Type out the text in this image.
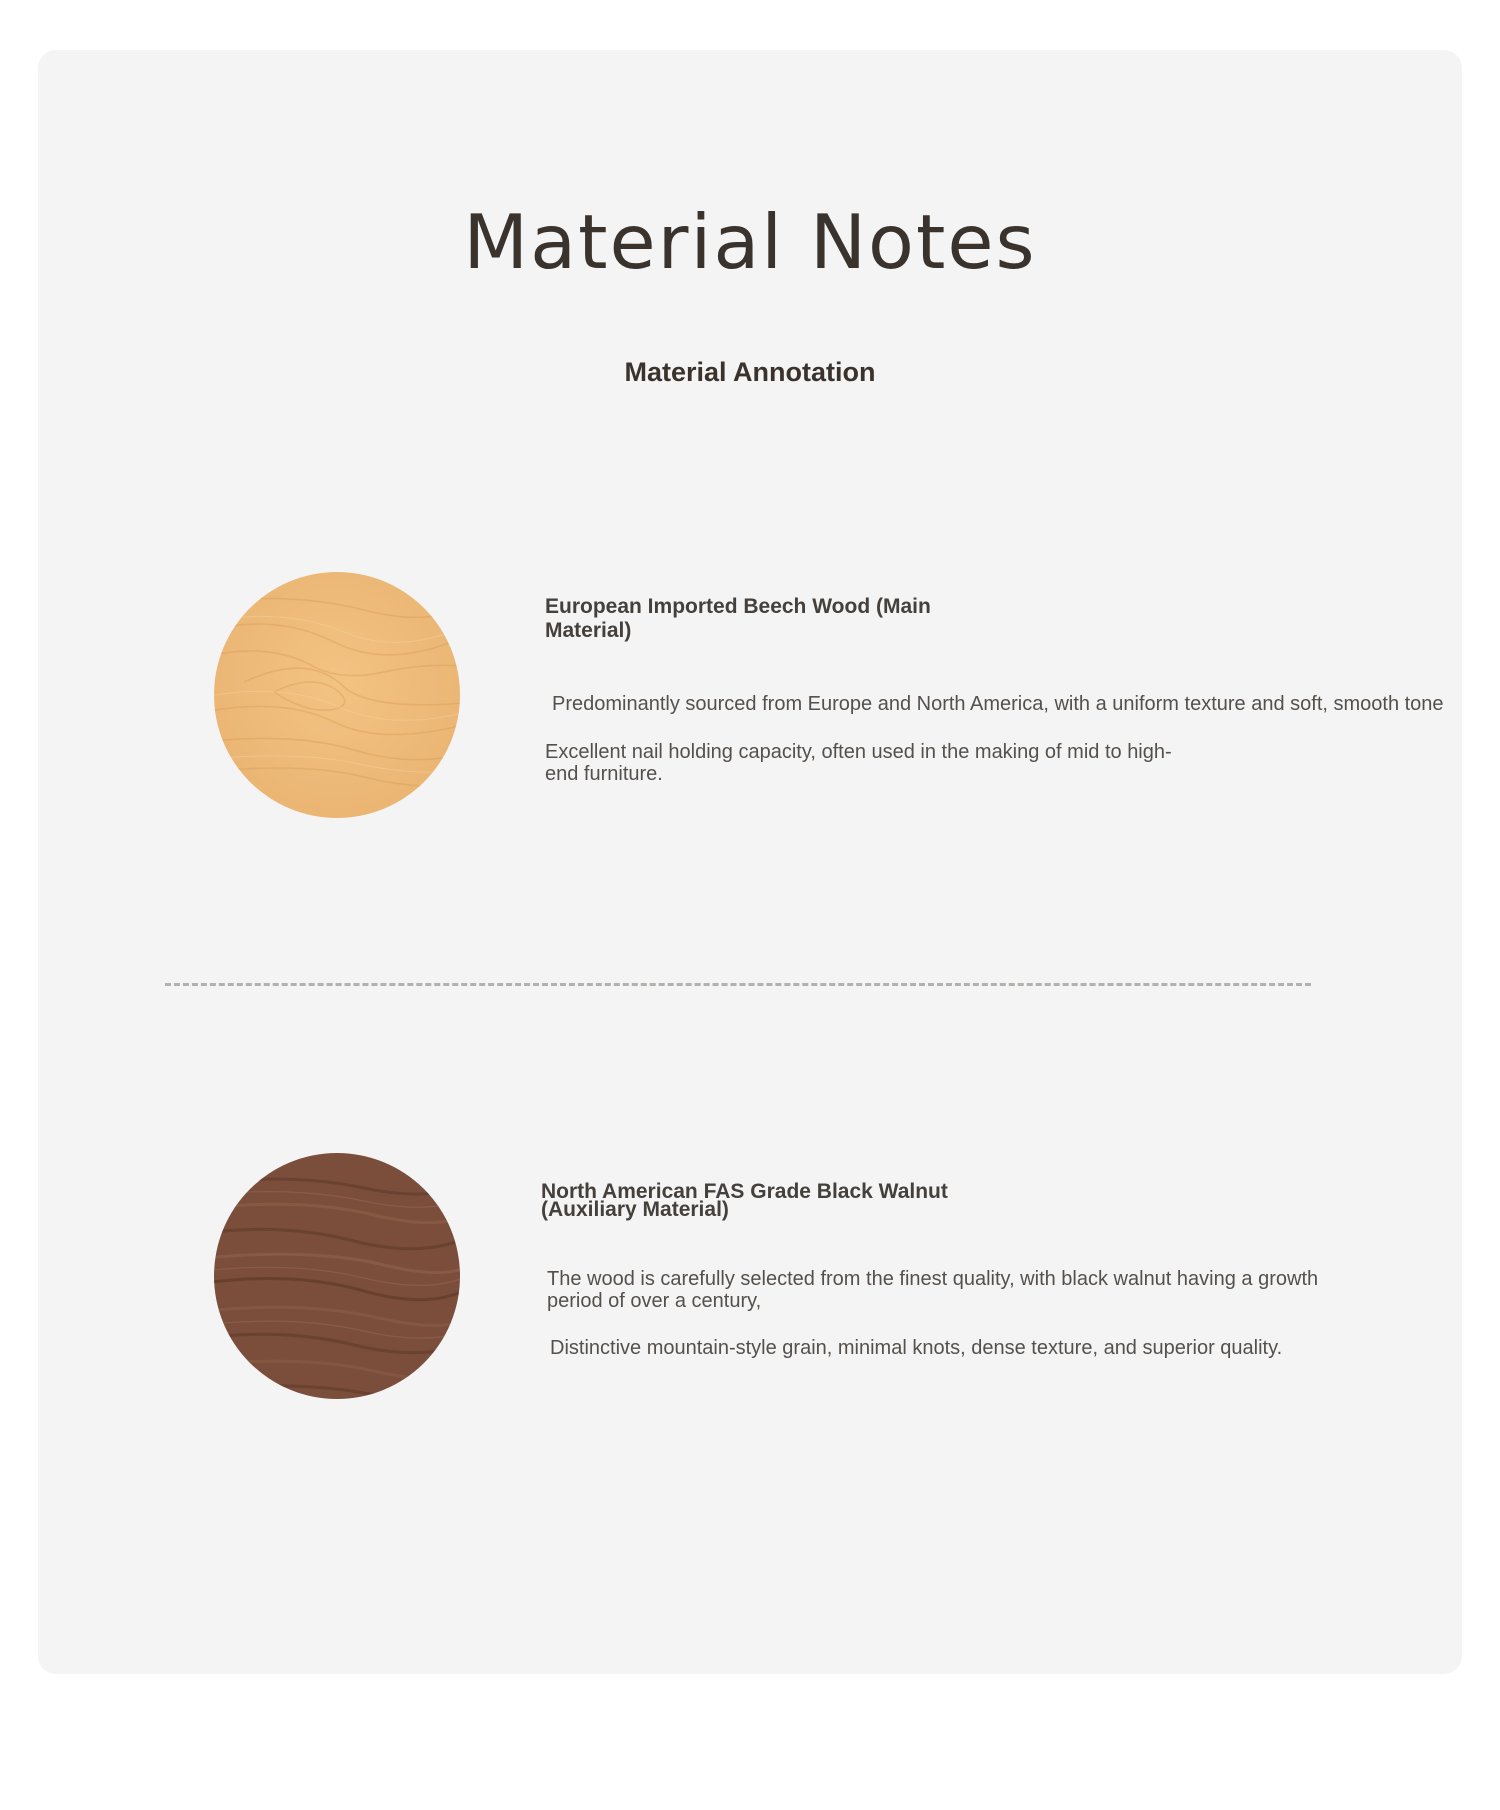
Material Notes
Material Annotation
European Imported Beech Wood (Main Material)
Predominantly sourced from Europe and North America, with a uniform texture and soft, smooth tone
Excellent nail holding capacity, often used in the making of mid to high-end furniture.
North American FAS Grade Black Walnut (Auxiliary Material)
The wood is carefully selected from the finest quality, with black walnut having a growth period of over a century,
Distinctive mountain-style grain, minimal knots, dense texture, and superior quality.
